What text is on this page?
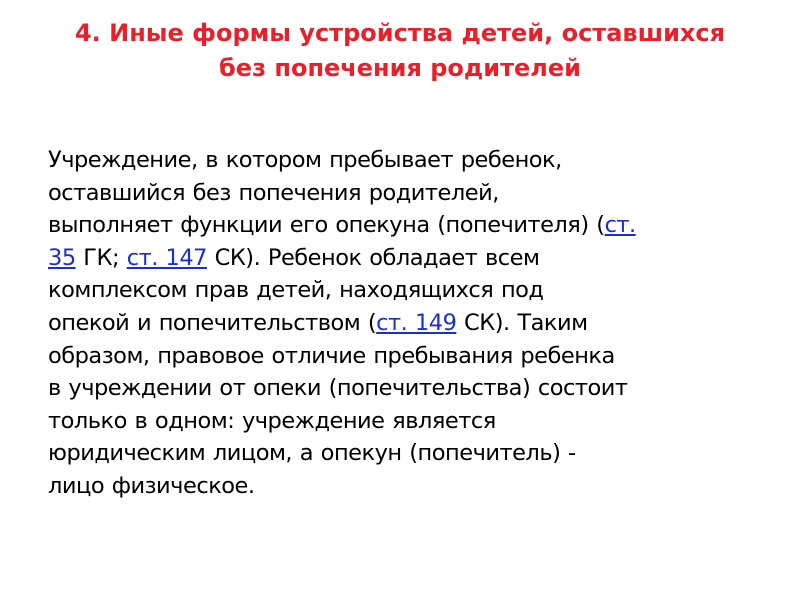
4. Иные формы устройства детей, оставшихся
без попечения родителей
Учреждение, в котором пребывает ребенок,
оставшийся без попечения родителей,
выполняет функции его опекуна (попечителя) (ст.
35 ГК; ст. 147 СК). Ребенок обладает всем
комплексом прав детей, находящихся под
опекой и попечительством (ст. 149 СК). Таким
образом, правовое отличие пребывания ребенка
в учреждении от опеки (попечительства) состоит
только в одном: учреждение является
юридическим лицом, а опекун (попечитель) -
лицо физическое.
